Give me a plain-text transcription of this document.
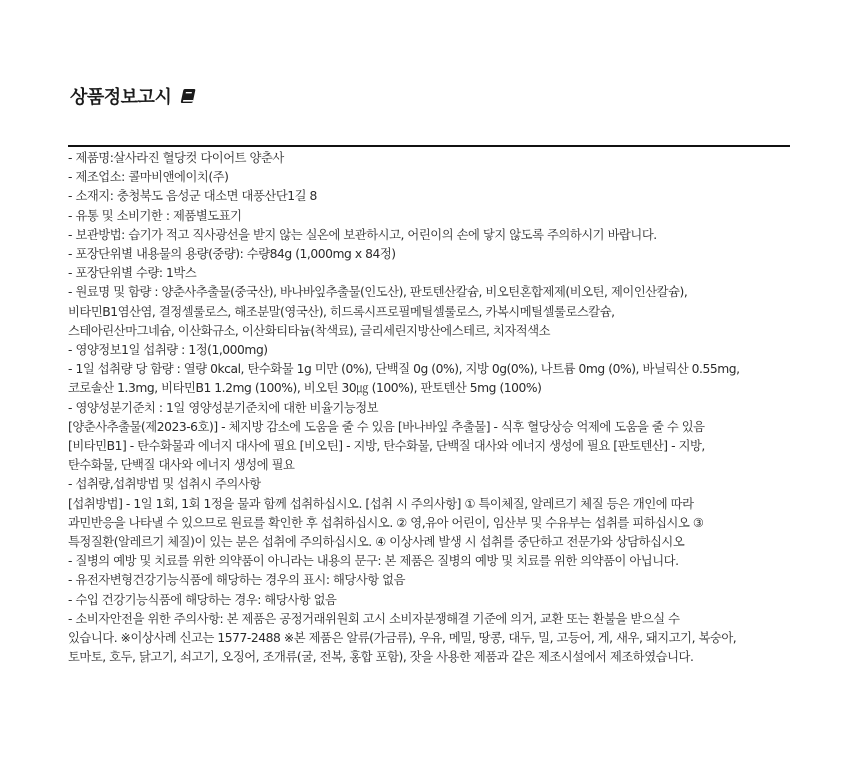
상품정보고시
- 제품명:살사라진 혈당컷 다이어트 양춘사
- 제조업소: 콜마비앤에이치(주)
- 소재지: 충청북도 음성군 대소면 대풍산단1길 8
- 유통 및 소비기한 : 제품별도표기
- 보관방법: 습기가 적고 직사광선을 받지 않는 실온에 보관하시고, 어린이의 손에 닿지 않도록 주의하시기 바랍니다.
- 포장단위별 내용물의 용량(중량): 수량84g (1,000mg x 84정)
- 포장단위별 수량: 1박스
- 원료명 및 함량 : 양춘사추출물(중국산), 바나바잎추출물(인도산), 판토텐산칼슘, 비오틴혼합제제(비오틴, 제이인산칼슘),
비타민B1염산염, 결정셀룰로스, 해조분말(영국산), 히드록시프로필메틸셀룰로스, 카복시메틸셀룰로스칼슘,
스테아린산마그네슘, 이산화규소, 이산화티타늄(착색료), 글리세린지방산에스테르, 치자적색소
- 영양정보1일 섭취량 : 1정(1,000mg)
- 1일 섭취량 당 함량 : 열량 0kcal, 탄수화물 1g 미만 (0%), 단백질 0g (0%), 지방 0g(0%), 나트륨 0mg (0%), 바닐릭산 0.55mg,
코로솔산 1.3mg, 비타민B1 1.2mg (100%), 비오틴 30㎍ (100%), 판토텐산 5mg (100%)
- 영양성분기준치 : 1일 영양성분기준치에 대한 비율기능정보
[양춘사추출물(제2023-6호)] - 체지방 감소에 도움을 줄 수 있음 [바나바잎 추출물] - 식후 혈당상승 억제에 도움을 줄 수 있음
[비타민B1] - 탄수화물과 에너지 대사에 필요 [비오틴] - 지방, 탄수화물, 단백질 대사와 에너지 생성에 필요 [판토텐산] - 지방,
탄수화물, 단백질 대사와 에너지 생성에 필요
- 섭취량,섭취방법 및 섭취시 주의사항
[섭취방법] - 1일 1회, 1회 1정을 물과 함께 섭취하십시오. [섭취 시 주의사항] ① 특이체질, 알레르기 체질 등은 개인에 따라
과민반응을 나타낼 수 있으므로 원료를 확인한 후 섭취하십시오. ② 영,유아 어린이, 임산부 및 수유부는 섭취를 피하십시오 ③
특정질환(알레르기 체질)이 있는 분은 섭취에 주의하십시오. ④ 이상사례 발생 시 섭취를 중단하고 전문가와 상담하십시오
- 질병의 예방 및 치료를 위한 의약품이 아니라는 내용의 문구: 본 제품은 질병의 예방 및 치료를 위한 의약품이 아닙니다.
- 유전자변형건강기능식품에 해당하는 경우의 표시: 해당사항 없음
- 수입 건강기능식품에 해당하는 경우: 해당사항 없음
- 소비자안전을 위한 주의사항: 본 제품은 공정거래위원회 고시 소비자분쟁해결 기준에 의거, 교환 또는 환불을 받으실 수
있습니다. ※이상사례 신고는 1577-2488 ※본 제품은 알류(가금류), 우유, 메밀, 땅콩, 대두, 밀, 고등어, 게, 새우, 돼지고기, 복숭아,
토마토, 호두, 닭고기, 쇠고기, 오징어, 조개류(굴, 전복, 홍합 포함), 잣을 사용한 제품과 같은 제조시설에서 제조하였습니다.
